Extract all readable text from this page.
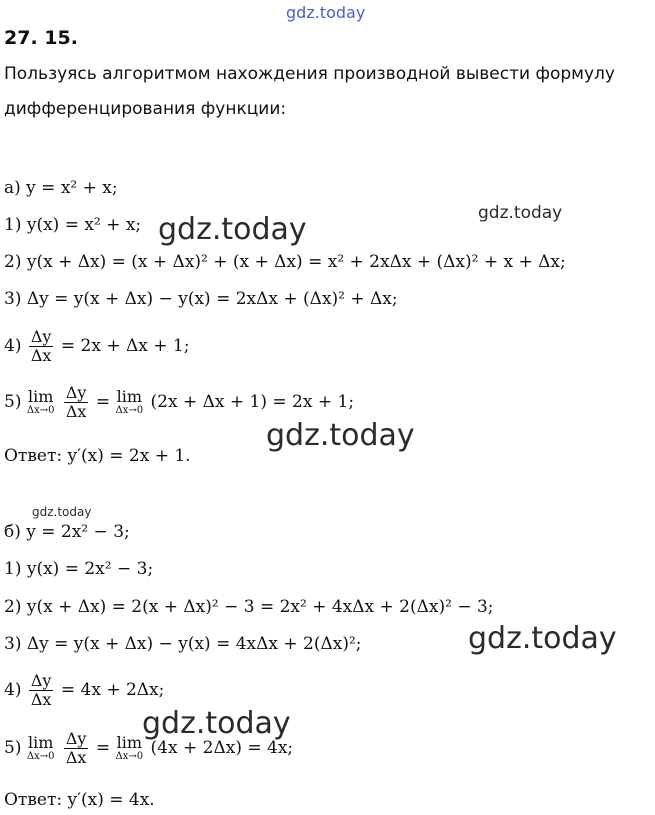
gdz.today
gdz.today	gdz.today
gdz.today
gdz.today
gdz.today
gdz.today
27. 15.
Пользуясь алгоритмом нахождения производной вывести формулу
дифференцирования функции:
а) y = x² + x;
1) y(x) = x² + x;
2) y(x + Δx) = (x + Δx)² + (x + Δx) = x² + 2xΔx + (Δx)² + x + Δx;
3) Δy = y(x + Δx) − y(x) = 2xΔx + (Δx)² + Δx;
$4) \frac{\Delta y}{\Delta x} = 2x + \Delta x + 1$;
5) lim
Δx→0
$\frac{\Delta y}{\Delta x} = \lim$
Δx→0 (2x + Δx + 1) = 2x + 1;
Ответ: y′(x) = 2x + 1.
б) y = 2x² − 3;
1) y(x) = 2x² − 3;
2) y(x + Δx) = 2(x + Δx)² − 3 = 2x² + 4xΔx + 2(Δx)² − 3;
3) Δy = y(x + Δx) − y(x) = 4xΔx + 2(Δx)²;
$4) \frac{\Delta y}{\Delta x} = 4x + 2\Delta x$;
5) lim
Δx→0
$\frac{\Delta y}{\Delta x} = \lim$
Δx→0 (4x + 2Δx) = 4x;
Ответ: y′(x) = 4x.
